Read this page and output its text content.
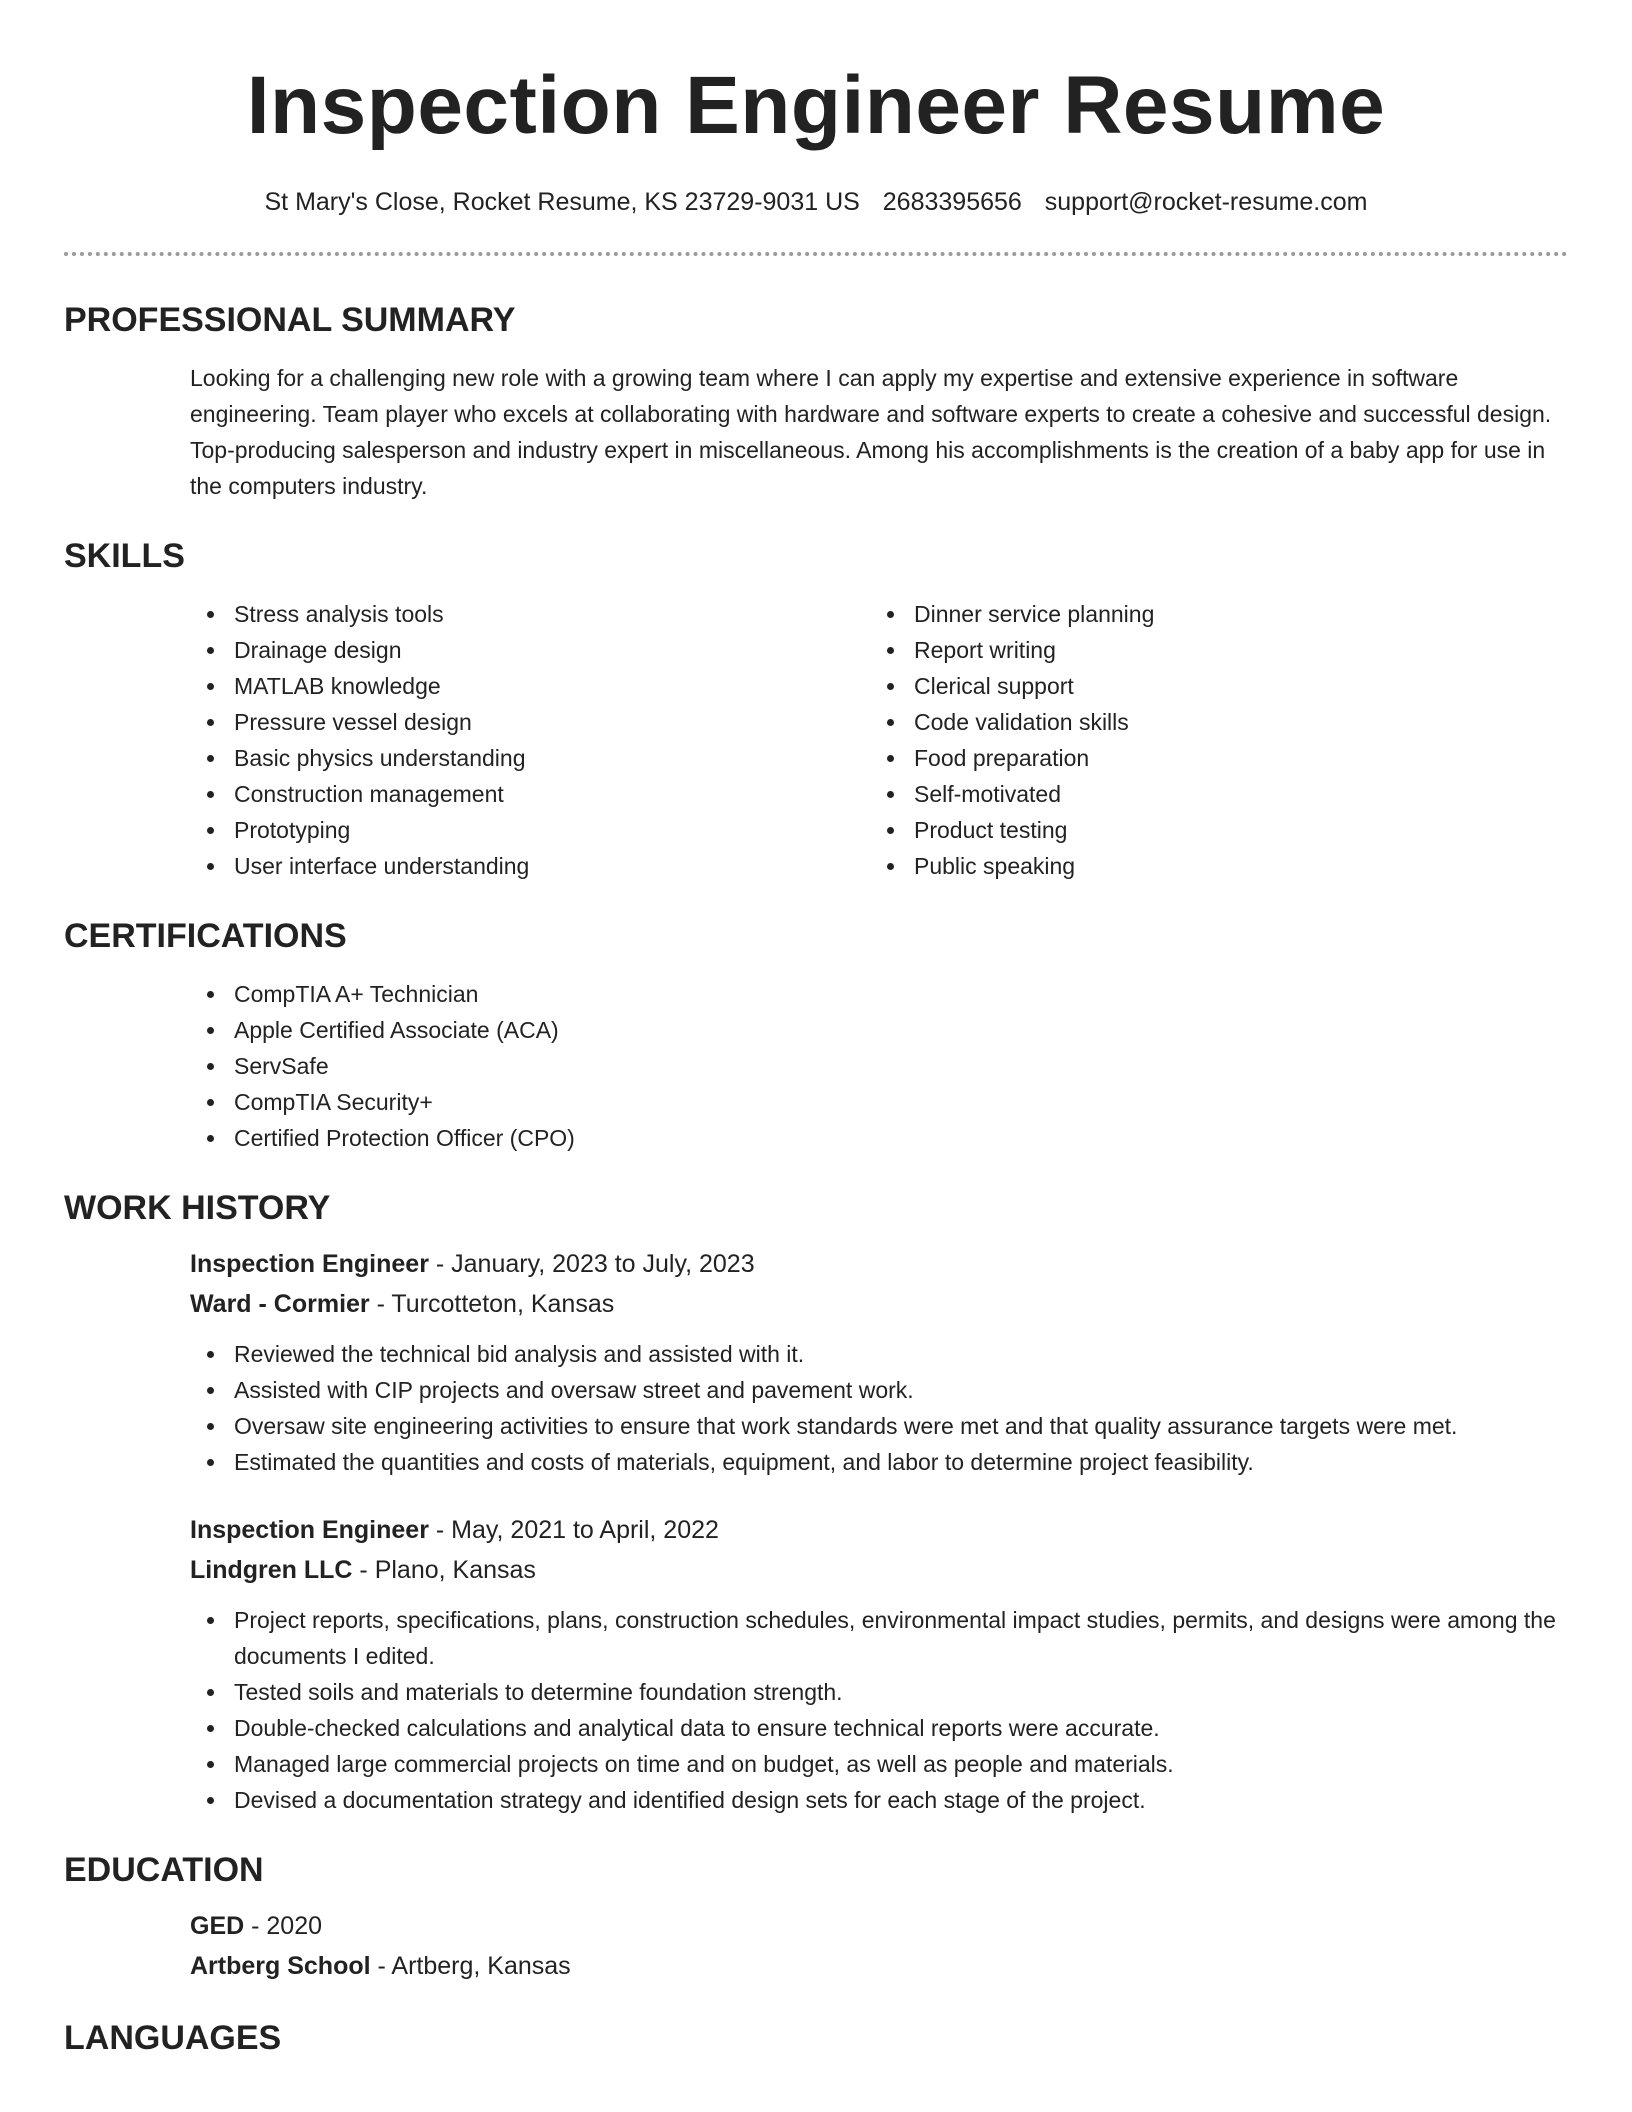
Inspection Engineer Resume
St Mary's Close, Rocket Resume, KS 23729-9031 US 2683395656 support@rocket-resume.com
PROFESSIONAL SUMMARY

Looking for a challenging new role with a growing team where I can apply my expertise and extensive experience in software engineering. Team player who excels at collaborating with hardware and software experts to create a cohesive and successful design. Top-producing salesperson and industry expert in miscellaneous. Among his accomplishments is the creation of a baby app for use in the computers industry.

SKILLS
Stress analysis tools
Drainage design
MATLAB knowledge
Pressure vessel design
Basic physics understanding
Construction management
Prototyping
User interface understanding
Dinner service planning
Report writing
Clerical support
Code validation skills
Food preparation
Self-motivated
Product testing
Public speaking
CERTIFICATIONS
CompTIA A+ Technician
Apple Certified Associate (ACA)
ServSafe
CompTIA Security+
Certified Protection Officer (CPO)
WORK HISTORY
Inspection Engineer - January, 2023 to July, 2023
Ward - Cormier - Turcotteton, Kansas
Reviewed the technical bid analysis and assisted with it.
Assisted with CIP projects and oversaw street and pavement work.
Oversaw site engineering activities to ensure that work standards were met and that quality assurance targets were met.
Estimated the quantities and costs of materials, equipment, and labor to determine project feasibility.
Inspection Engineer - May, 2021 to April, 2022
Lindgren LLC - Plano, Kansas
Project reports, specifications, plans, construction schedules, environmental impact studies, permits, and designs were among the documents I edited.
Tested soils and materials to determine foundation strength.
Double-checked calculations and analytical data to ensure technical reports were accurate.
Managed large commercial projects on time and on budget, as well as people and materials.
Devised a documentation strategy and identified design sets for each stage of the project.
EDUCATION
GED - 2020
Artberg School - Artberg, Kansas
LANGUAGES
